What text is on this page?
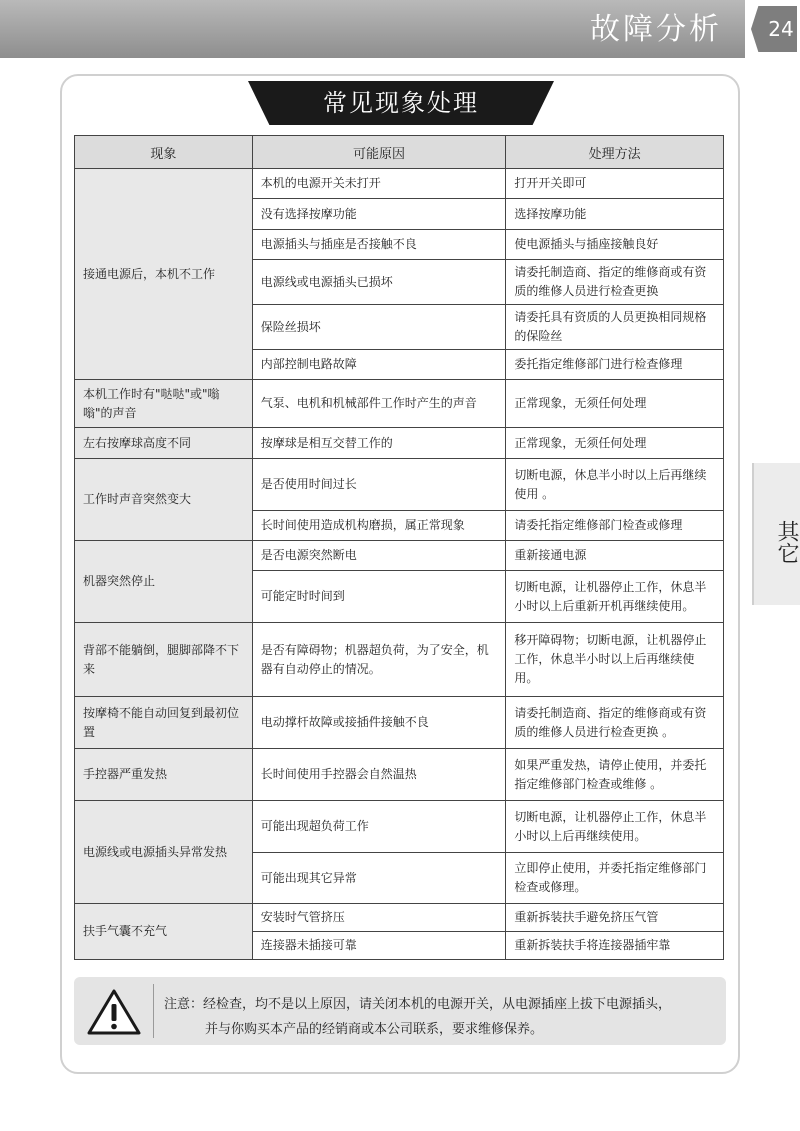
故障分析	24
常见现象处理
现象	可能原因	处理方法
接通电源后，本机不工作	本机的电源开关未打开	打开开关即可
	没有选择按摩功能	选择按摩功能
	电源插头与插座是否接触不良	使电源插头与插座接触良好
	电源线或电源插头已损坏	请委托制造商、指定的维修商或有资质的维修人员进行检查更换
	保险丝损坏	请委托具有资质的人员更换相同规格的保险丝
	内部控制电路故障	委托指定维修部门进行检查修理
本机工作时有"哒哒"或"嗡嗡"的声音	气泵、电机和机械部件工作时产生的声音	正常现象，无须任何处理
左右按摩球高度不同	按摩球是相互交替工作的	正常现象，无须任何处理
工作时声音突然变大	是否使用时间过长	切断电源，休息半小时以上后再继续使用 。
	长时间使用造成机构磨损，属正常现象	请委托指定维修部门检查或修理
机器突然停止	是否电源突然断电	重新接通电源
	可能定时时间到	切断电源，让机器停止工作，休息半小时以上后重新开机再继续使用。
背部不能躺倒，腿脚部降不下来	是否有障碍物；机器超负荷，为了安全，机器有自动停止的情况。	移开障碍物；切断电源，让机器停止工作，休息半小时以上后再继续使用。
按摩椅不能自动回复到最初位置	电动撑杆故障或接插件接触不良	请委托制造商、指定的维修商或有资质的维修人员进行检查更换 。
手控器严重发热	长时间使用手控器会自然温热	如果严重发热，请停止使用，并委托指定维修部门检查或维修 。
电源线或电源插头异常发热	可能出现超负荷工作	切断电源，让机器停止工作，休息半小时以上后再继续使用。
	可能出现其它异常	立即停止使用，并委托指定维修部门检查或修理。
扶手气囊不充气	安装时气管挤压	重新拆装扶手避免挤压气管
	连接器未插接可靠	重新拆装扶手将连接器插牢靠
其它
注意：经检查，均不是以上原因，请关闭本机的电源开关，从电源插座上拔下电源插头，
并与你购买本产品的经销商或本公司联系，要求维修保养。
